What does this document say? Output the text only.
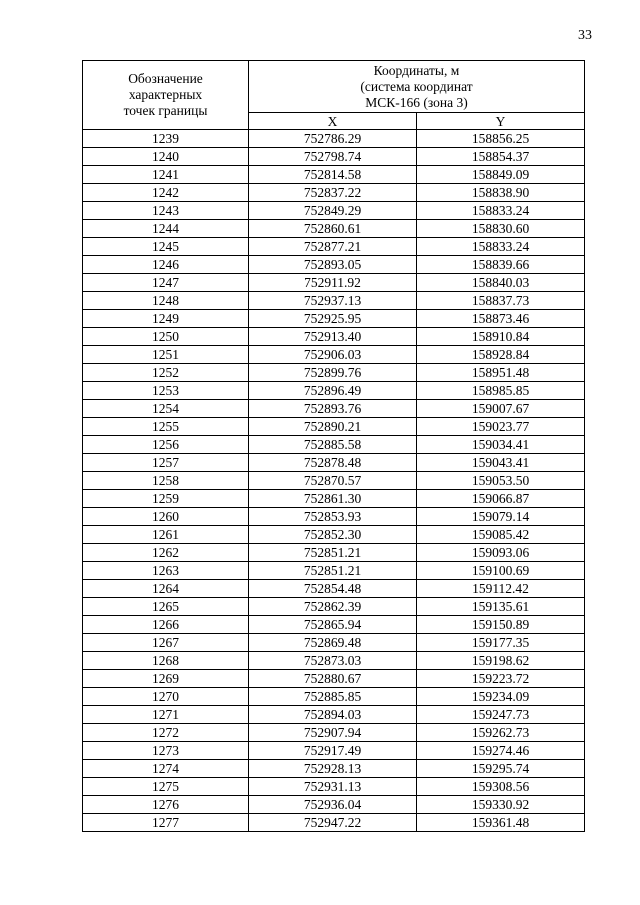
33
Обозначение
характерных
точек границы	Координаты, м
(система координат
МСК-166 (зона 3)	

	X	Y
1239	752786.29	158856.25
1240	752798.74	158854.37
1241	752814.58	158849.09
1242	752837.22	158838.90
1243	752849.29	158833.24
1244	752860.61	158830.60
1245	752877.21	158833.24
1246	752893.05	158839.66
1247	752911.92	158840.03
1248	752937.13	158837.73
1249	752925.95	158873.46
1250	752913.40	158910.84
1251	752906.03	158928.84
1252	752899.76	158951.48
1253	752896.49	158985.85
1254	752893.76	159007.67
1255	752890.21	159023.77
1256	752885.58	159034.41
1257	752878.48	159043.41
1258	752870.57	159053.50
1259	752861.30	159066.87
1260	752853.93	159079.14
1261	752852.30	159085.42
1262	752851.21	159093.06
1263	752851.21	159100.69
1264	752854.48	159112.42
1265	752862.39	159135.61
1266	752865.94	159150.89
1267	752869.48	159177.35
1268	752873.03	159198.62
1269	752880.67	159223.72
1270	752885.85	159234.09
1271	752894.03	159247.73
1272	752907.94	159262.73
1273	752917.49	159274.46
1274	752928.13	159295.74
1275	752931.13	159308.56
1276	752936.04	159330.92
1277	752947.22	159361.48
